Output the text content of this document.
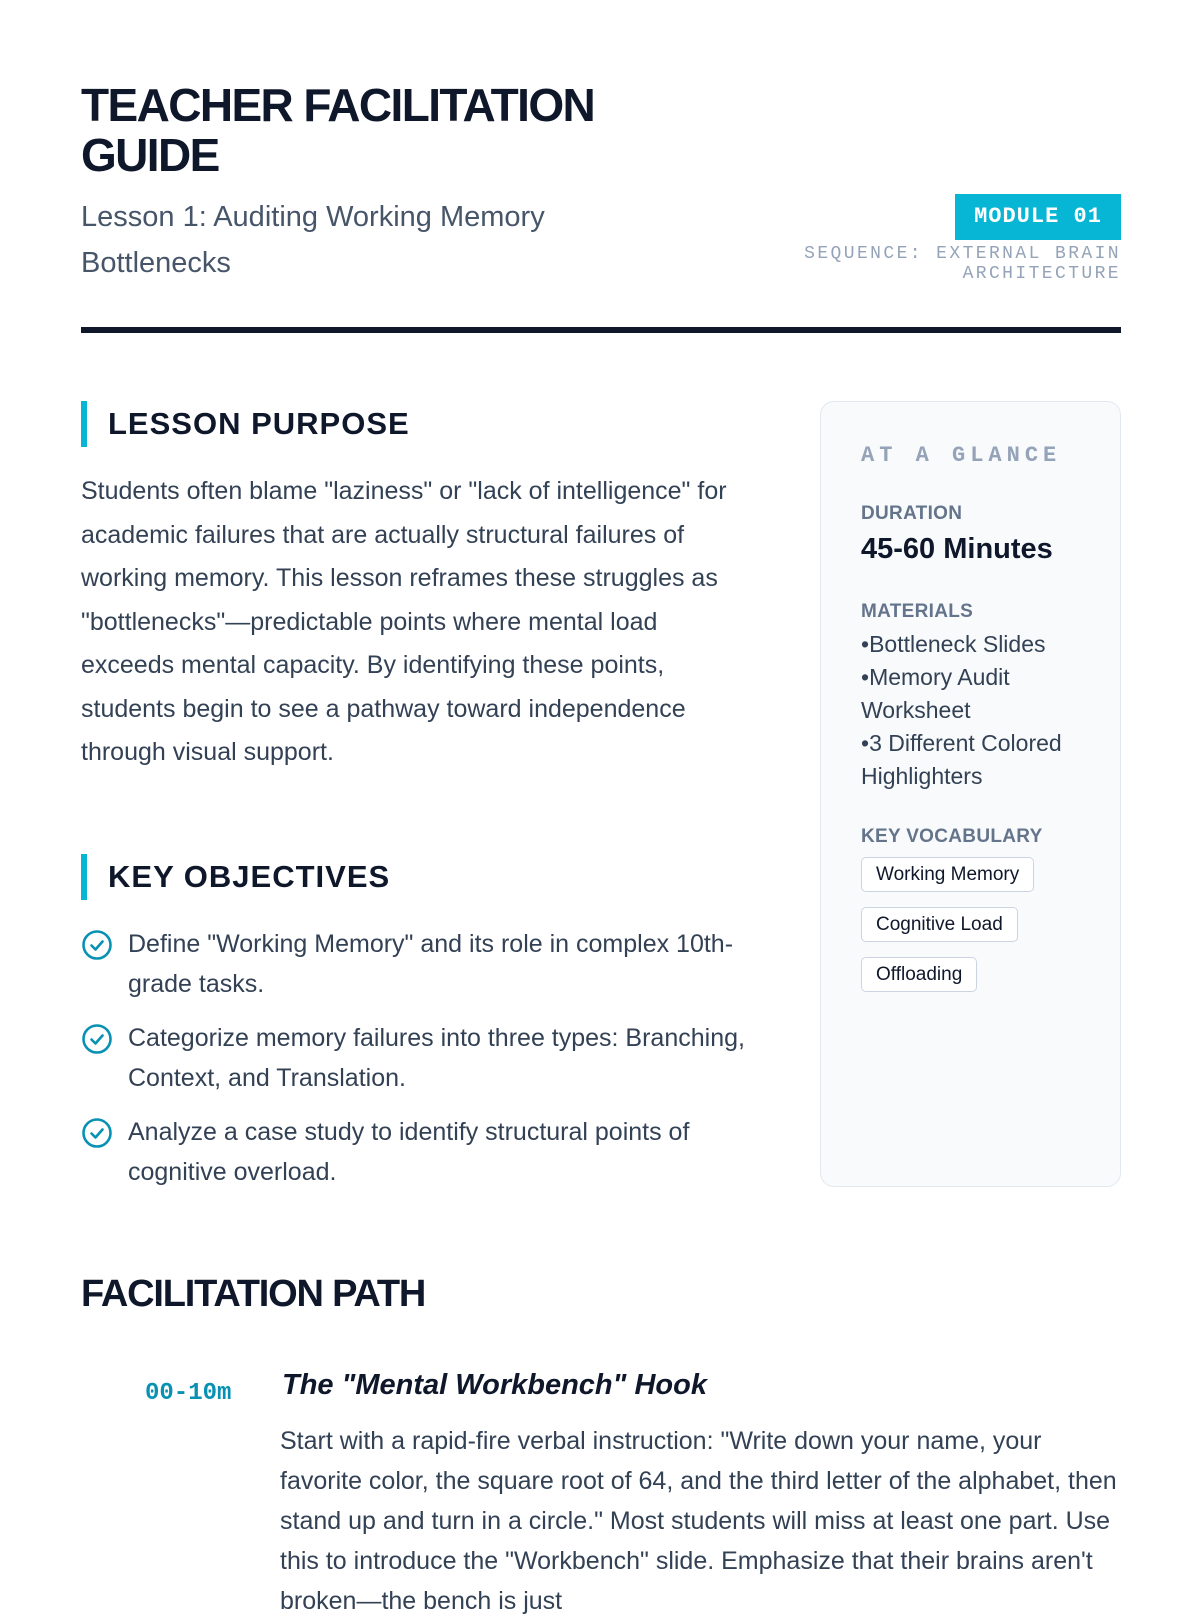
TEACHER FACILITATION GUIDE
Lesson 1: Auditing Working Memory Bottlenecks
MODULE 01
SEQUENCE: EXTERNAL BRAIN ARCHITECTURE
LESSON PURPOSE

Students often blame "laziness" or "lack of intelligence" for academic failures that are actually structural failures of working memory. This lesson reframes these struggles as "bottlenecks"—predictable points where mental load exceeds mental capacity. By identifying these points, students begin to see a pathway toward independence through visual support.

KEY OBJECTIVES
Define "Working Memory" and its role in complex 10th-grade tasks.
Categorize memory failures into three types: Branching, Context, and Translation.
Analyze a case study to identify structural points of cognitive overload.
AT A GLANCE
DURATION
45-60 Minutes
MATERIALS
• Bottleneck Slides
• Memory Audit Worksheet
• 3 Different Colored Highlighters
KEY VOCABULARY
Working Memory
Cognitive Load
Offloading
FACILITATION PATH
00-10m	The "Mental Workbench" Hook

Start with a rapid-fire verbal instruction: "Write down your name, your favorite color, the square root of 64, and the third letter of the alphabet, then stand up and turn in a circle." Most students will miss at least one part. Use this to introduce the "Workbench" slide. Emphasize that their brains aren't broken—the bench is just
